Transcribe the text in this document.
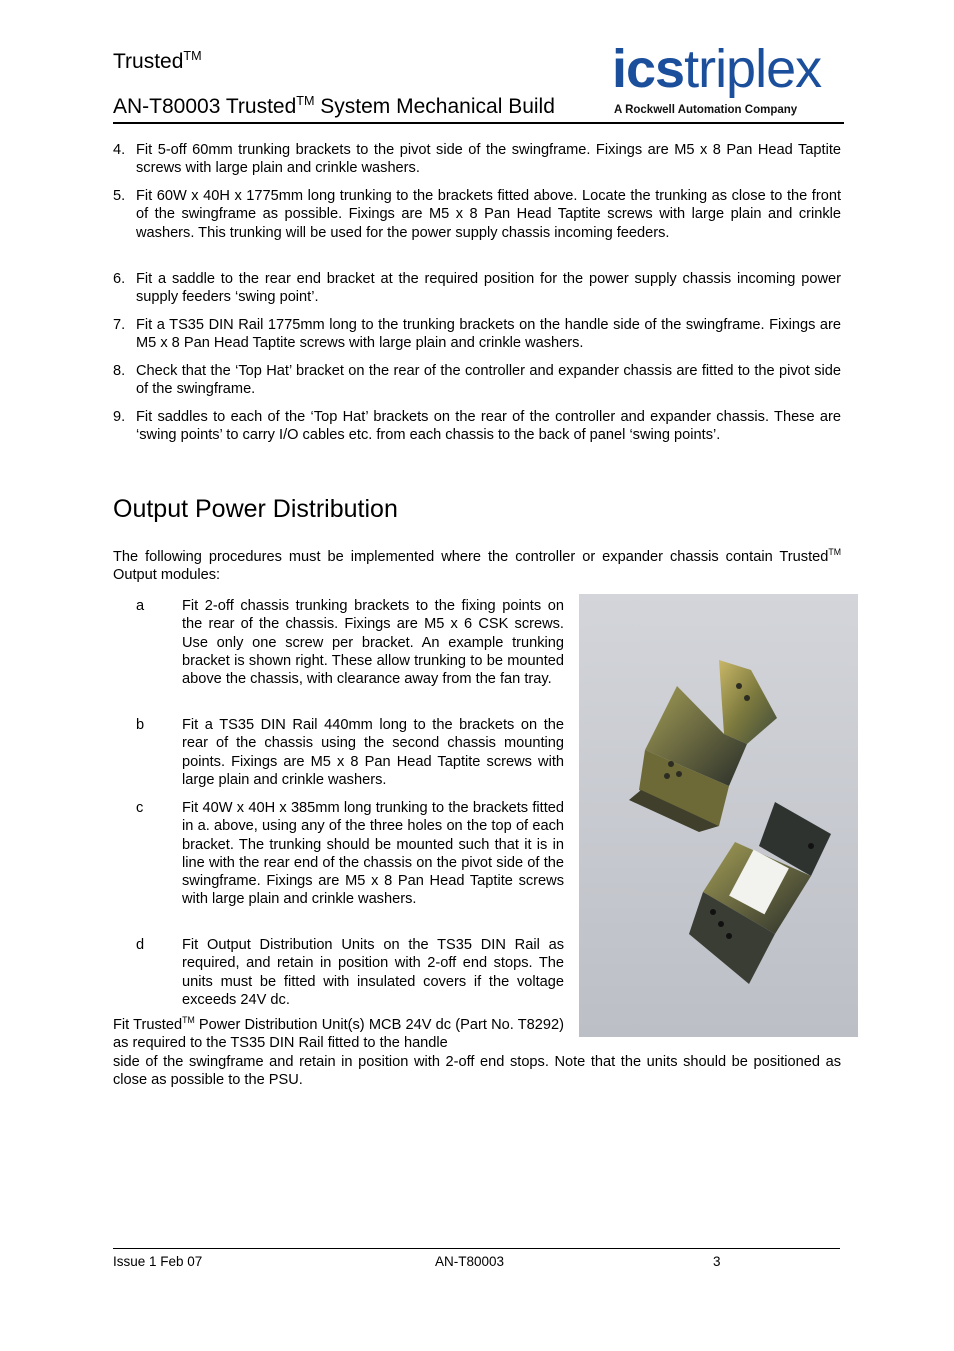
Trusted™
AN-T80003 Trusted™ System Mechanical Build
icstriplex
A Rockwell Automation Company
4. Fit 5-off 60mm trunking brackets to the pivot side of the swingframe. Fixings are M5 x 8 Pan Head Taptite screws with large plain and crinkle washers.
5. Fit 60W x 40H x 1775mm long trunking to the brackets fitted above. Locate the trunking as close to the front of the swingframe as possible. Fixings are M5 x 8 Pan Head Taptite screws with large plain and crinkle washers. This trunking will be used for the power supply chassis incoming feeders.
6. Fit a saddle to the rear end bracket at the required position for the power supply chassis incoming power supply feeders ‘swing point’.
7. Fit a TS35 DIN Rail 1775mm long to the trunking brackets on the handle side of the swingframe. Fixings are M5 x 8 Pan Head Taptite screws with large plain and crinkle washers.
8. Check that the ‘Top Hat’ bracket on the rear of the controller and expander chassis are fitted to the pivot side of the swingframe.
9. Fit saddles to each of the ‘Top Hat’ brackets on the rear of the controller and expander chassis. These are ‘swing points’ to carry I/O cables etc. from each chassis to the back of panel ‘swing points’.
Output Power Distribution
The following procedures must be implemented where the controller or expander chassis contain Trusted™ Output modules:
a	Fit 2-off chassis trunking brackets to the fixing points on the rear of the chassis. Fixings are M5 x 6 CSK screws. Use only one screw per bracket. An example trunking bracket is shown right. These allow trunking to be mounted above the chassis, with clearance away from the fan tray.
b	Fit a TS35 DIN Rail 440mm long to the brackets on the rear of the chassis using the second chassis mounting points. Fixings are M5 x 8 Pan Head Taptite screws with large plain and crinkle washers.
c	Fit 40W x 40H x 385mm long trunking to the brackets fitted in a. above, using any of the three holes on the top of each bracket. The trunking should be mounted such that it is in line with the rear end of the chassis on the pivot side of the swingframe. Fixings are M5 x 8 Pan Head Taptite screws with large plain and crinkle washers.
d	Fit Output Distribution Units on the TS35 DIN Rail as required, and retain in position with 2-off end stops. The units must be fitted with insulated covers if the voltage exceeds 24V dc.
Fit Trusted™ Power Distribution Unit(s) MCB 24V dc (Part No. T8292) as required to the TS35 DIN Rail fitted to the handle
side of the swingframe and retain in position with 2-off end stops. Note that the units should be positioned as close as possible to the PSU.
Issue 1 Feb 07	AN-T80003	3
